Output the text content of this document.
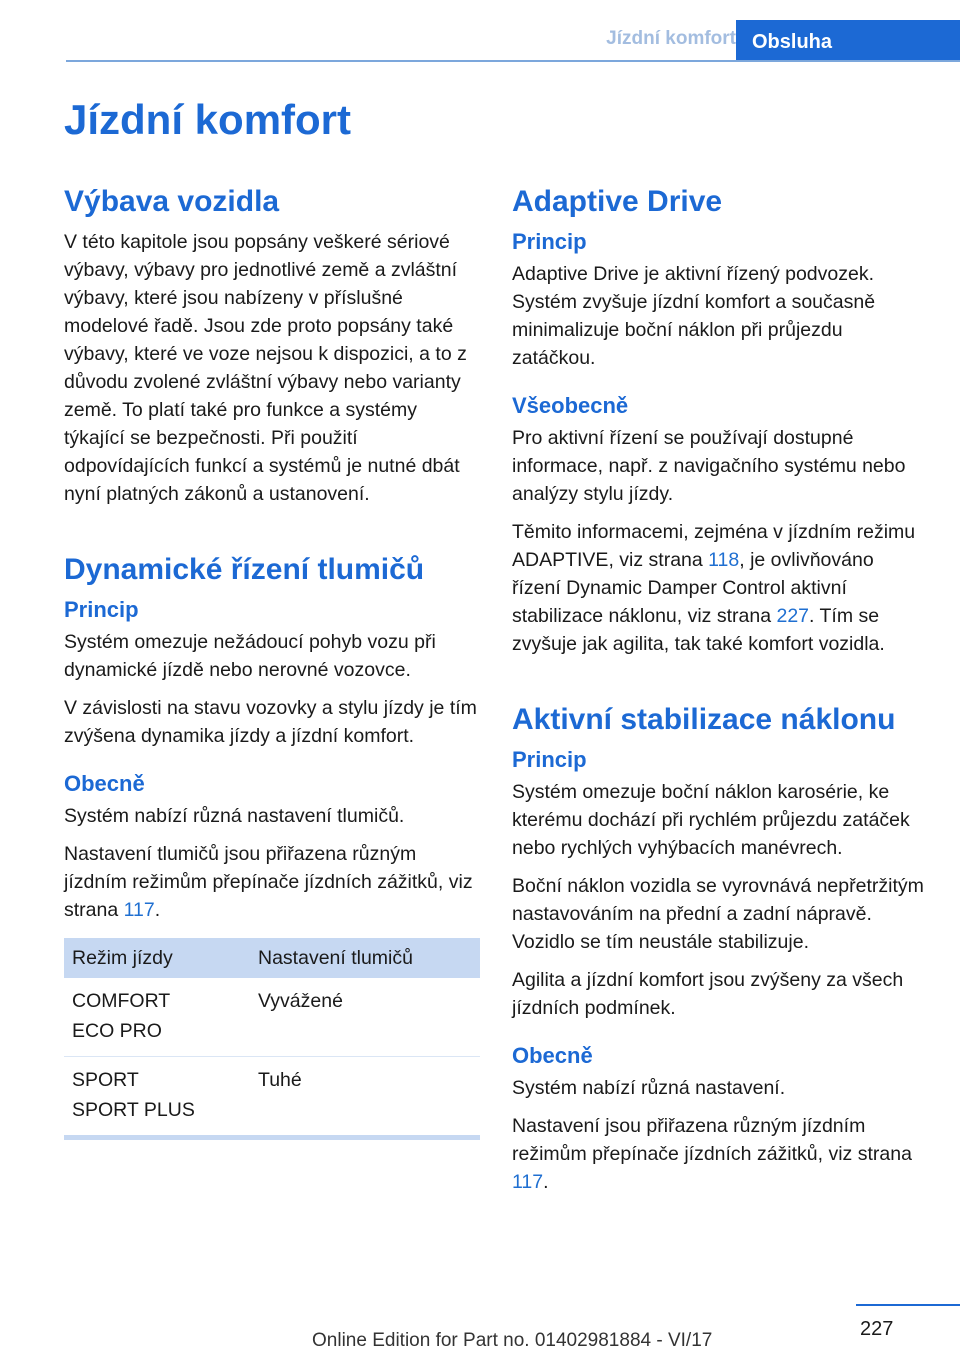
Jízdní komfort Obsluha
Jízdní komfort
Výbava vozidla

V této kapitole jsou popsány veškeré sériové výbavy, výbavy pro jednotlivé země a zvláštní výbavy, které jsou nabízeny v příslušné modelové řadě. Jsou zde proto popsány také výbavy, které ve voze nejsou k dispozici, a to z důvodu zvolené zvláštní výbavy nebo varianty země. To platí také pro funkce a systémy týkající se bezpečnosti. Při použití odpovídajících funkcí a systémů je nutné dbát nyní platných zákonů a ustanovení.

Dynamické řízení tlumičů
Princip

Systém omezuje nežádoucí pohyb vozu při dynamické jízdě nebo nerovné vozovce.

V závislosti na stavu vozovky a stylu jízdy je tím zvýšena dynamika jízdy a jízdní komfort.

Obecně

Systém nabízí různá nastavení tlumičů.

Nastavení tlumičů jsou přiřazena různým jízdním režimům přepínače jízdních zážitků, viz strana 117.

Režim jízdy	Nastavení tlumičů

COMFORT
ECO PRO	Vyvážené

SPORT
SPORT PLUS	Tuhé
Adaptive Drive
Princip

Adaptive Drive je aktivní řízený podvozek. Systém zvyšuje jízdní komfort a současně minimalizuje boční náklon při průjezdu zatáčkou.

Všeobecně

Pro aktivní řízení se používají dostupné informace, např. z navigačního systému nebo analýzy stylu jízdy.

Těmito informacemi, zejména v jízdním režimu ADAPTIVE, viz strana 118, je ovlivňováno řízení Dynamic Damper Control aktivní stabilizace náklonu, viz strana 227. Tím se zvyšuje jak agilita, tak také komfort vozidla.

Aktivní stabilizace náklonu
Princip

Systém omezuje boční náklon karosérie, ke kterému dochází při rychlém průjezdu zatáček nebo rychlých vyhýbacích manévrech.

Boční náklon vozidla se vyrovnává nepřetržitým nastavováním na přední a zadní nápravě. Vozidlo se tím neustále stabilizuje.

Agilita a jízdní komfort jsou zvýšeny za všech jízdních podmínek.

Obecně

Systém nabízí různá nastavení.

Nastavení jsou přiřazena různým jízdním režimům přepínače jízdních zážitků, viz strana 117.

227
Online Edition for Part no. 01402981884 - VI/17
